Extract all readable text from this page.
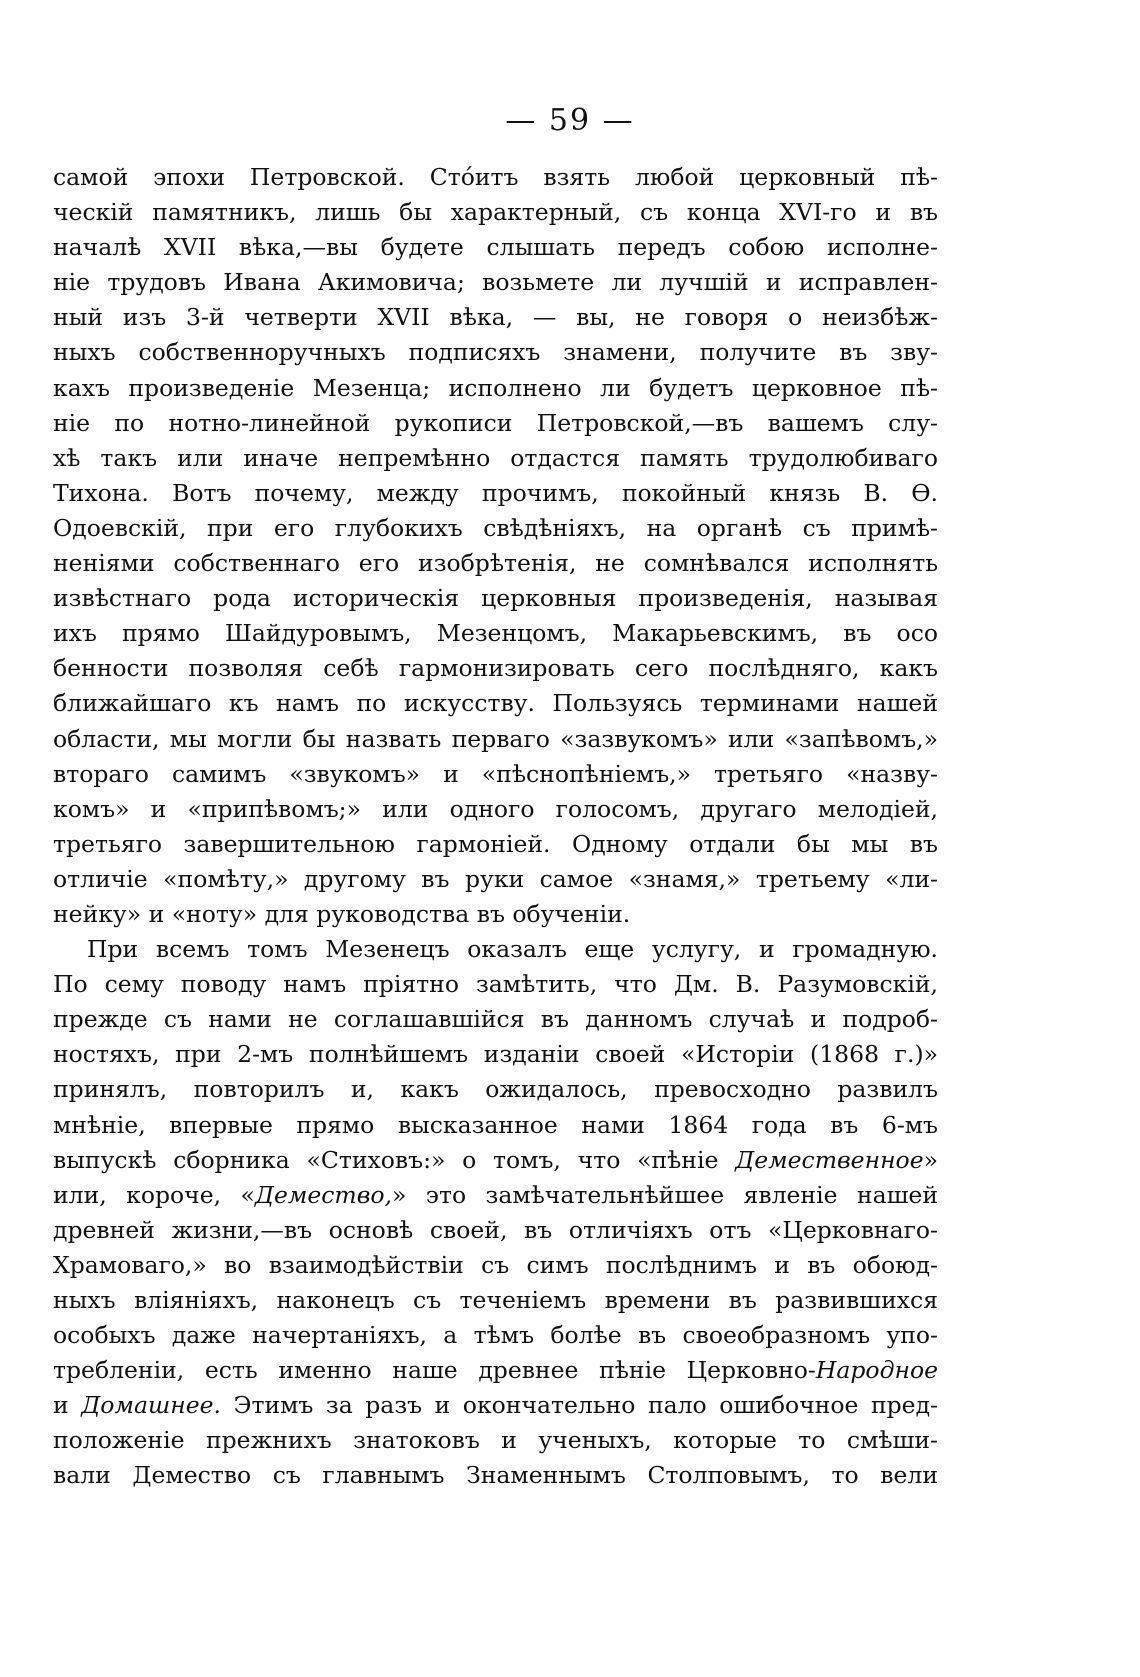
— 59 —
самой эпохи Петровской. Стóитъ взять любой церковный пѣ-
ческій памятникъ, лишь бы характерный, съ конца XVI-го и въ
началѣ XVII вѣка,—вы будете слышать передъ собою исполне-
ніе трудовъ Ивана Акимовича; возьмете ли лучшій и исправлен-
ный изъ 3-й четверти XVII вѣка, — вы, не говоря о неизбѣж-
ныхъ собственноручныхъ подписяхъ знамени, получите въ зву-
кахъ произведеніе Мезенца; исполнено ли будетъ церковное пѣ-
ніе по нотно-линейной рукописи Петровской,—въ вашемъ слу-
хѣ такъ или иначе непремѣнно отдастся память трудолюбиваго
Тихона. Вотъ почему, между прочимъ, покойный князь В. Ѳ.
Одоевскій, при его глубокихъ свѣдѣніяхъ, на органѣ съ примѣ-
неніями собственнаго его изобрѣтенія, не сомнѣвался исполнять
извѣстнаго рода историческія церковныя произведенія, называя
ихъ прямо Шайдуровымъ, Мезенцомъ, Макарьевскимъ, въ осо
бенности позволяя себѣ гармонизировать сего послѣдняго, какъ
ближайшаго къ намъ по искусству. Пользуясь терминами нашей
области, мы могли бы назвать перваго «зазвукомъ» или «запѣвомъ,»
втораго самимъ «звукомъ» и «пѣснопѣніемъ,» третьяго «назву-
комъ» и «припѣвомъ;» или одного голосомъ, другаго мелодіей,
третьяго завершительною гармоніей. Одному отдали бы мы въ
отличіе «помѣту,» другому въ руки самое «знамя,» третьему «ли-
нейку» и «ноту» для руководства въ обученіи.
При всемъ томъ Мезенецъ оказалъ еще услугу, и громадную.
По сему поводу намъ пріятно замѣтить, что Дм. В. Разумовскій,
прежде съ нами не соглашавшійся въ данномъ случаѣ и подроб-
ностяхъ, при 2-мъ полнѣйшемъ изданіи своей «Исторіи (1868 г.)»
принялъ, повторилъ и, какъ ожидалось, превосходно развилъ
мнѣніе, впервые прямо высказанное нами 1864 года въ 6-мъ
выпускѣ сборника «Стиховъ:» о томъ, что «пѣніе Демественное»
или, короче, «Демество,» это замѣчательнѣйшее явленіе нашей
древней жизни,—въ основѣ своей, въ отличіяхъ отъ «Церковнаго-
Храмоваго,» во взаимодѣйствіи съ симъ послѣднимъ и въ обоюд-
ныхъ вліяніяхъ, наконецъ съ теченіемъ времени въ развившихся
особыхъ даже начертаніяхъ, а тѣмъ болѣе въ своеобразномъ упо-
требленіи, есть именно наше древнее пѣніе Церковно-Народное
и Домашнее. Этимъ за разъ и окончательно пало ошибочное пред-
положеніе прежнихъ знатоковъ и ученыхъ, которые то смѣши-
вали Демество съ главнымъ Знаменнымъ Столповымъ, то вели
